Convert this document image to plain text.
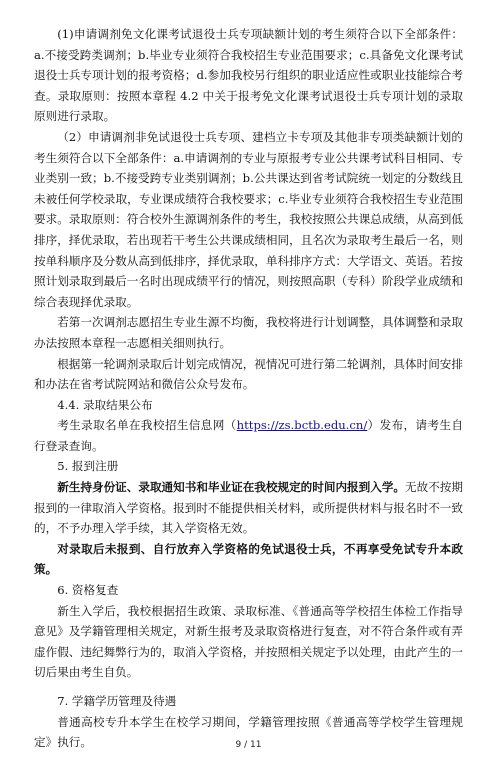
(1)申请调剂免文化课考试退役士兵专项缺额计划的考生须符合以下全部条件：a.不接受跨类调剂；b.毕业专业须符合我校招生专业范围要求；c.具备免文化课考试退役士兵专项计划的报考资格；d.参加我校另行组织的职业适应性或职业技能综合考查。录取原则：按照本章程 4.2 中关于报考免文化课考试退役士兵专项计划的录取原则进行录取。

（2）申请调剂非免试退役士兵专项、建档立卡专项及其他非专项类缺额计划的考生须符合以下全部条件：a.申请调剂的专业与原报考专业公共课考试科目相同、专业类别一致；b.不接受跨专业类别调剂；b.公共课达到省考试院统一划定的分数线且未被任何学校录取，专业课成绩符合我校要求；c.毕业专业须符合我校招生专业范围要求。录取原则：符合校外生源调剂条件的考生，我校按照公共课总成绩，从高到低排序，择优录取，若出现若干考生公共课成绩相同，且名次为录取考生最后一名，则按单科顺序及分数从高到低排序，择优录取，单科排序方式：大学语文、英语。若按照计划录取到最后一名时出现成绩平行的情况，则按照高职（专科）阶段学业成绩和综合表现择优录取。

若第一次调剂志愿招生专业生源不均衡，我校将进行计划调整，具体调整和录取办法按照本章程一志愿相关细则执行。

根据第一轮调剂录取后计划完成情况，视情况可进行第二轮调剂，具体时间安排和办法在省考试院网站和微信公众号发布。

4.4. 录取结果公布

考生录取名单在我校招生信息网（https://zs.bctb.edu.cn/）发布，请考生自行登录查询。

5. 报到注册

新生持身份证、录取通知书和毕业证在我校规定的时间内报到入学。无故不按期报到的一律取消入学资格。报到时不能提供相关材料，或所提供材料与报名时不一致的，不予办理入学手续，其入学资格无效。

对录取后未报到、自行放弃入学资格的免试退役士兵，不再享受免试专升本政策。

6. 资格复查

新生入学后，我校根据招生政策、录取标准、《普通高等学校招生体检工作指导意见》及学籍管理相关规定，对新生报考及录取资格进行复查，对不符合条件或有弄虚作假、违纪舞弊行为的，取消入学资格，并按照相关规定予以处理，由此产生的一切后果由考生自负。

7. 学籍学历管理及待遇

普通高校专升本学生在校学习期间，学籍管理按照《普通高等学校学生管理规定》执行。	9 / 11
